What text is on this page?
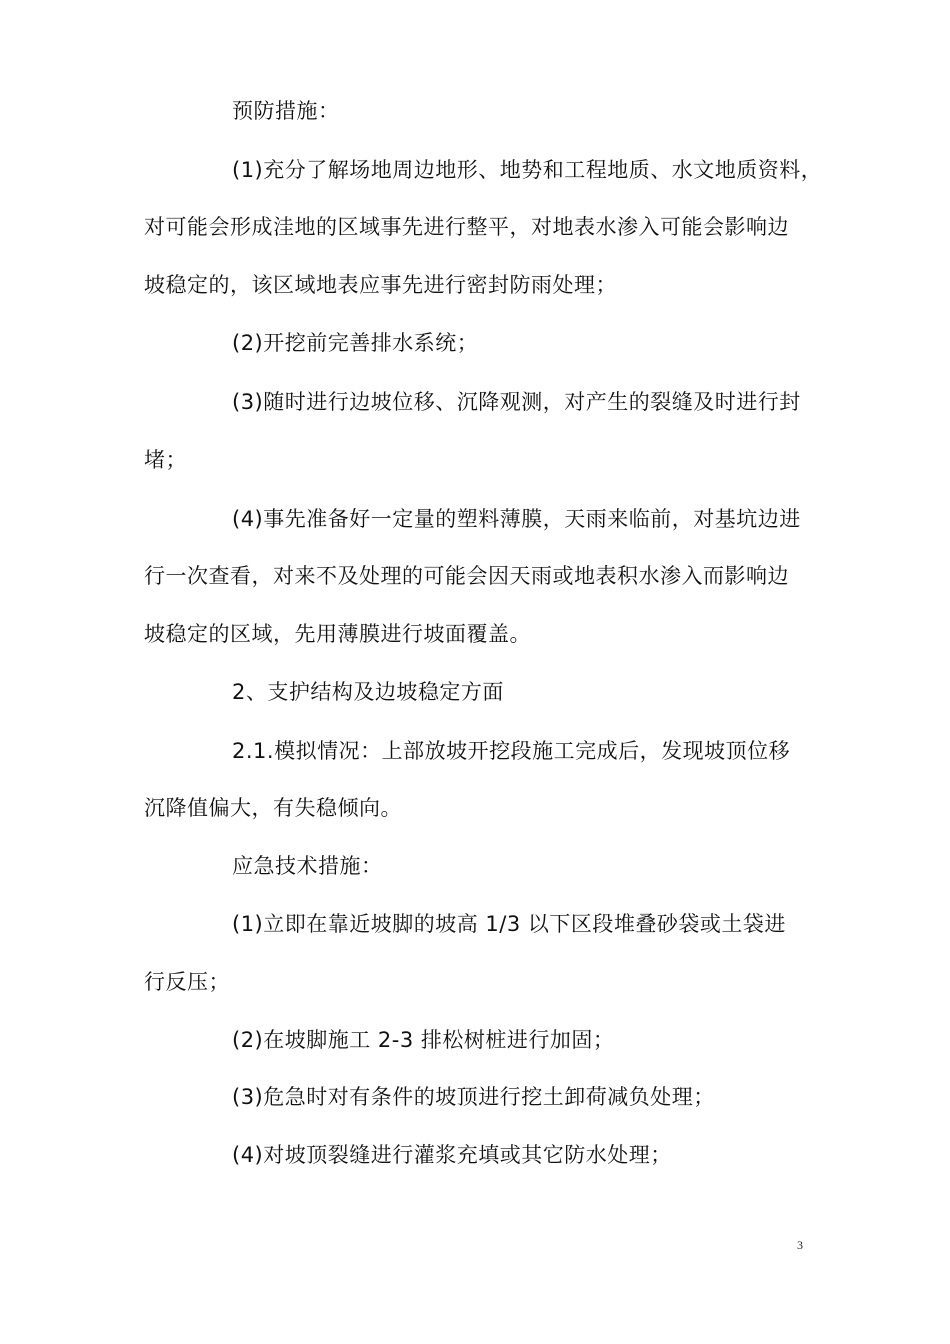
预防措施：
(1)充分了解场地周边地形、地势和工程地质、水文地质资料，
对可能会形成洼地的区域事先进行整平，对地表水渗入可能会影响边
坡稳定的，该区域地表应事先进行密封防雨处理；
(2)开挖前完善排水系统；
(3)随时进行边坡位移、沉降观测，对产生的裂缝及时进行封
堵；
(4)事先准备好一定量的塑料薄膜，天雨来临前，对基坑边进
行一次查看，对来不及处理的可能会因天雨或地表积水渗入而影响边
坡稳定的区域，先用薄膜进行坡面覆盖。
2、支护结构及边坡稳定方面
2.1.模拟情况：上部放坡开挖段施工完成后，发现坡顶位移
沉降值偏大，有失稳倾向。
应急技术措施：
(1)立即在靠近坡脚的坡高 1/3 以下区段堆叠砂袋或土袋进
行反压；
(2)在坡脚施工 2-3 排松树桩进行加固；
(3)危急时对有条件的坡顶进行挖土卸荷减负处理；
(4)对坡顶裂缝进行灌浆充填或其它防水处理；
3
